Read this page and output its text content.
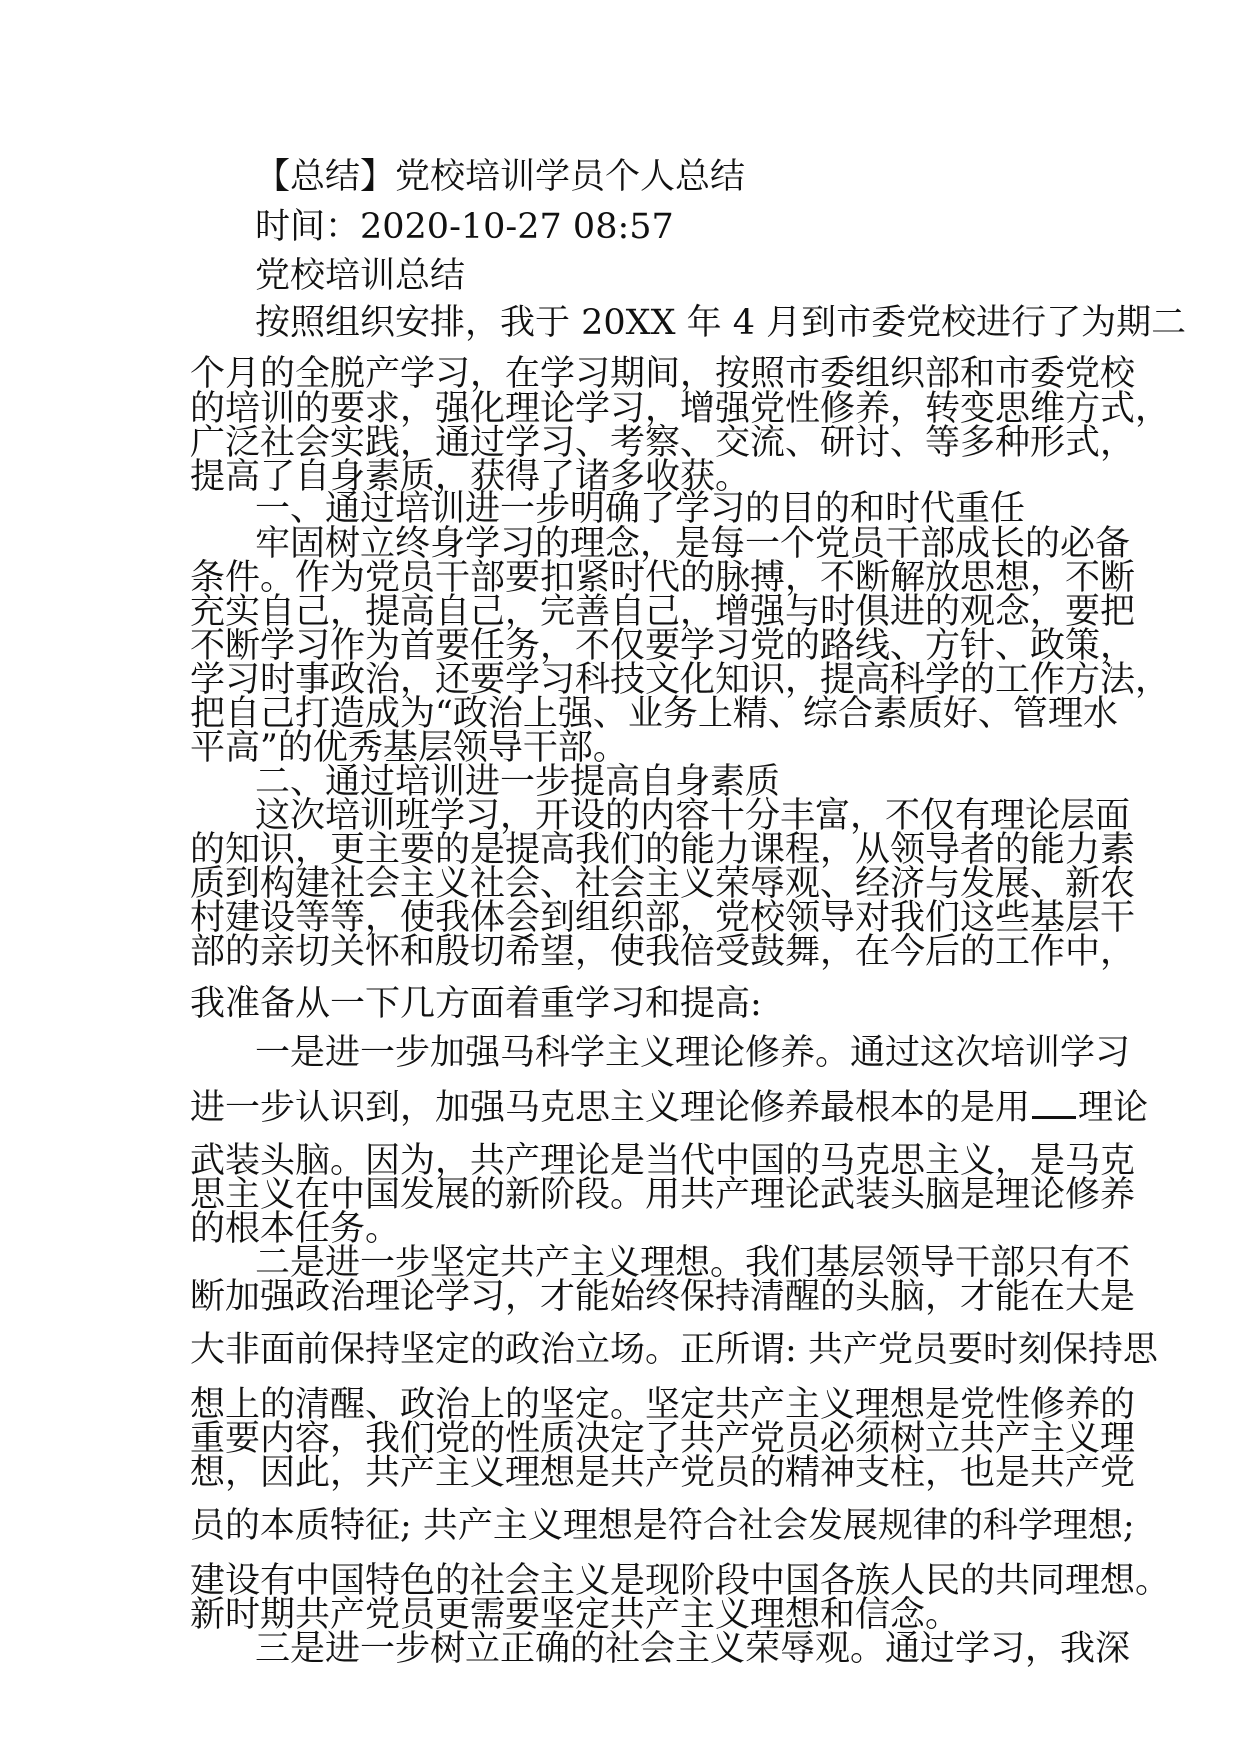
【总结】党校培训学员个人总结
时间：2020-10-27 08:57
党校培训总结
按照组织安排，我于 20XX 年 4 月到市委党校进行了为期二
个月的全脱产学习，在学习期间，按照市委组织部和市委党校
的培训的要求，强化理论学习，增强党性修养，转变思维方式，
广泛社会实践，通过学习、考察、交流、研讨、等多种形式，
提高了自身素质，获得了诸多收获。
一、通过培训进一步明确了学习的目的和时代重任
牢固树立终身学习的理念，是每一个党员干部成长的必备
条件。作为党员干部要扣紧时代的脉搏，不断解放思想，不断
充实自己，提高自己，完善自己，增强与时俱进的观念，要把
不断学习作为首要任务，不仅要学习党的路线、方针、政策，
学习时事政治，还要学习科技文化知识，提高科学的工作方法，
把自己打造成为“政治上强、业务上精、综合素质好、管理水
平高”的优秀基层领导干部。
二、通过培训进一步提高自身素质
这次培训班学习，开设的内容十分丰富，不仅有理论层面
的知识，更主要的是提高我们的能力课程，从领导者的能力素
质到构建社会主义社会、社会主义荣辱观、经济与发展、新农
村建设等等，使我体会到组织部，党校领导对我们这些基层干
部的亲切关怀和殷切希望，使我倍受鼓舞，在今后的工作中，
我准备从一下几方面着重学习和提高:
一是进一步加强马科学主义理论修养。通过这次培训学习
进一步认识到，加强马克思主义理论修养最根本的是用 理论
武装头脑。因为，共产理论是当代中国的马克思主义，是马克
思主义在中国发展的新阶段。用共产理论武装头脑是理论修养
的根本任务。
二是进一步坚定共产主义理想。我们基层领导干部只有不
断加强政治理论学习，才能始终保持清醒的头脑，才能在大是
大非面前保持坚定的政治立场。正所谓: 共产党员要时刻保持思
想上的清醒、政治上的坚定。坚定共产主义理想是党性修养的
重要内容，我们党的性质决定了共产党员必须树立共产主义理
想，因此，共产主义理想是共产党员的精神支柱，也是共产党
员的本质特征; 共产主义理想是符合社会发展规律的科学理想;
建设有中国特色的社会主义是现阶段中国各族人民的共同理想。
新时期共产党员更需要坚定共产主义理想和信念。
三是进一步树立正确的社会主义荣辱观。通过学习，我深
